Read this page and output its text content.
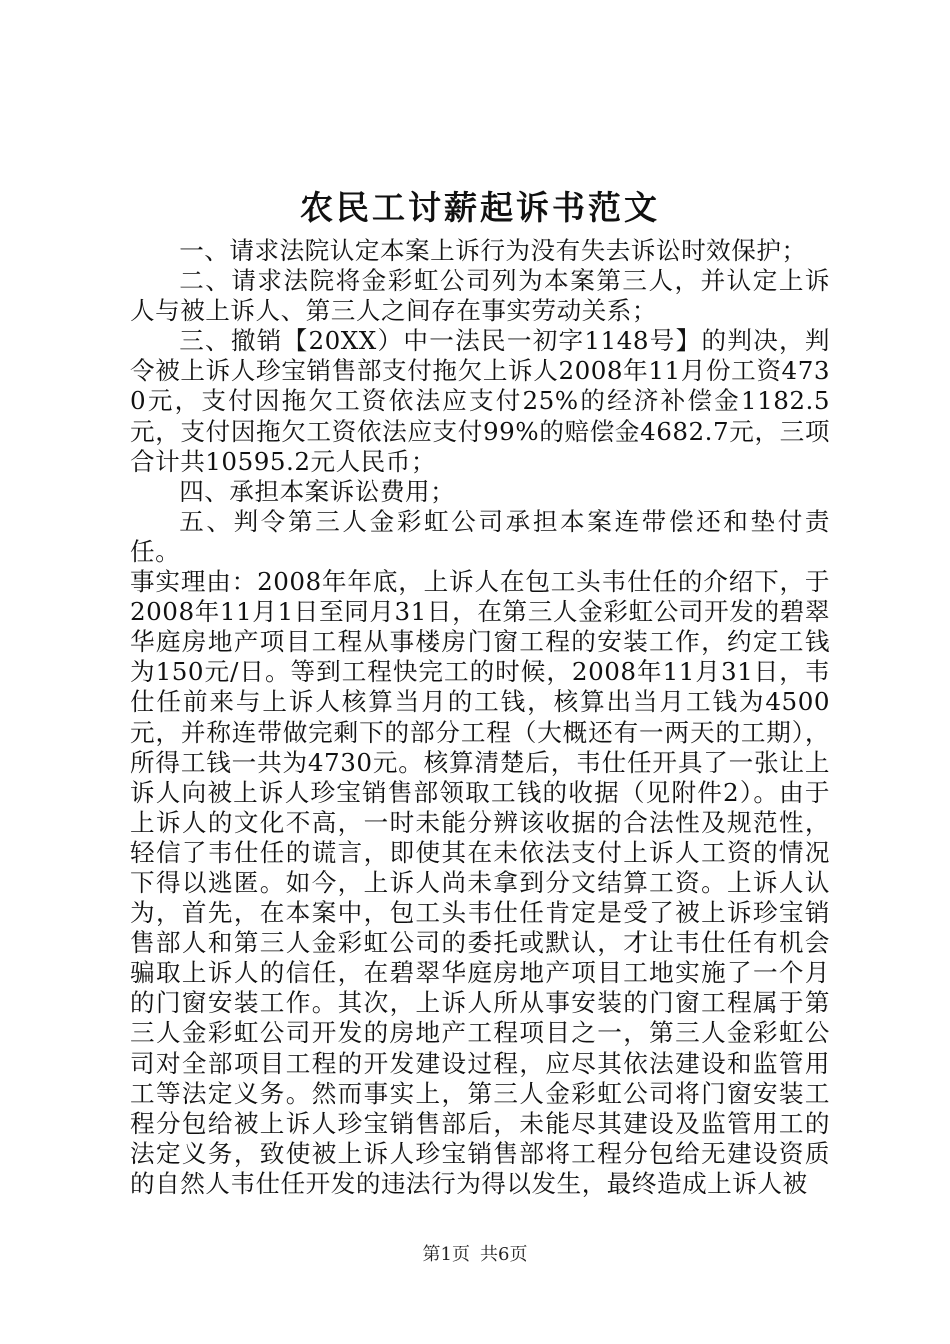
农民工讨薪起诉书范文

一、请求法院认定本案上诉行为没有失去诉讼时效保护；

二、请求法院将金彩虹公司列为本案第三人，并认定上诉人与被上诉人、第三人之间存在事实劳动关系；

三、撤销【20XX）中一法民一初字1148号】的判决，判令被上诉人珍宝销售部支付拖欠上诉人2008年11月份工资4730元，支付因拖欠工资依法应支付25%的经济补偿金1182.5元，支付因拖欠工资依法应支付99%的赔偿金4682.7元，三项合计共10595.2元人民币；

四、承担本案诉讼费用；

五、判令第三人金彩虹公司承担本案连带偿还和垫付责任。

事实理由：2008年年底，上诉人在包工头韦仕任的介绍下，于2008年11月1日至同月31日，在第三人金彩虹公司开发的碧翠华庭房地产项目工程从事楼房门窗工程的安装工作，约定工钱为150元/日。等到工程快完工的时候，2008年11月31日，韦仕任前来与上诉人核算当月的工钱，核算出当月工钱为4500元，并称连带做完剩下的部分工程（大概还有一两天的工期），所得工钱一共为4730元。核算清楚后，韦仕任开具了一张让上诉人向被上诉人珍宝销售部领取工钱的收据（见附件2）。由于上诉人的文化不高，一时未能分辨该收据的合法性及规范性，轻信了韦仕任的谎言，即使其在未依法支付上诉人工资的情况下得以逃匿。如今，上诉人尚未拿到分文结算工资。上诉人认为，首先，在本案中，包工头韦仕任肯定是受了被上诉珍宝销售部人和第三人金彩虹公司的委托或默认，才让韦仕任有机会骗取上诉人的信任，在碧翠华庭房地产项目工地实施了一个月的门窗安装工作。其次，上诉人所从事安装的门窗工程属于第三人金彩虹公司开发的房地产工程项目之一，第三人金彩虹公司对全部项目工程的开发建设过程，应尽其依法建设和监管用工等法定义务。然而事实上，第三人金彩虹公司将门窗安装工程分包给被上诉人珍宝销售部后，未能尽其建设及监管用工的法定义务，致使被上诉人珍宝销售部将工程分包给无建设资质的自然人韦仕任开发的违法行为得以发生，最终造成上诉人被

第1页 共6页
